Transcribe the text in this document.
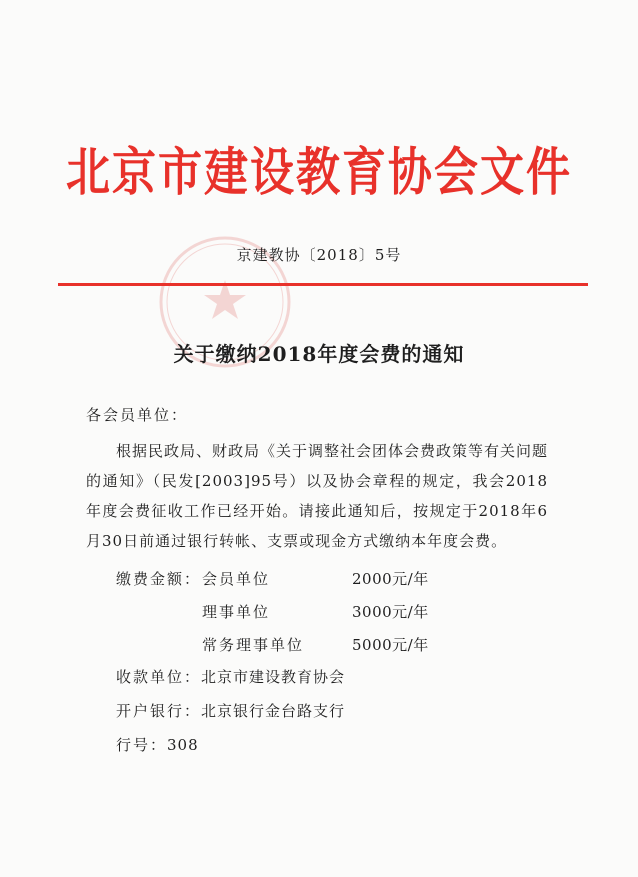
北京市建设教育协会文件
京建教协〔2018〕5号
关于缴纳2018年度会费的通知
各会员单位：
根据民政局、财政局《关于调整社会团体会费政策等有关问题的通知》（民发[2003]95号）以及协会章程的规定，我会2018年度会费征收工作已经开始。请接此通知后，按规定于2018年6月30日前通过银行转帐、支票或现金方式缴纳本年度会费。
缴费金额： 会员单位	2000元/年
理事单位	3000元/年
常务理事单位	5000元/年
收款单位：北京市建设教育协会
开户银行：北京银行金台路支行
行号：308
